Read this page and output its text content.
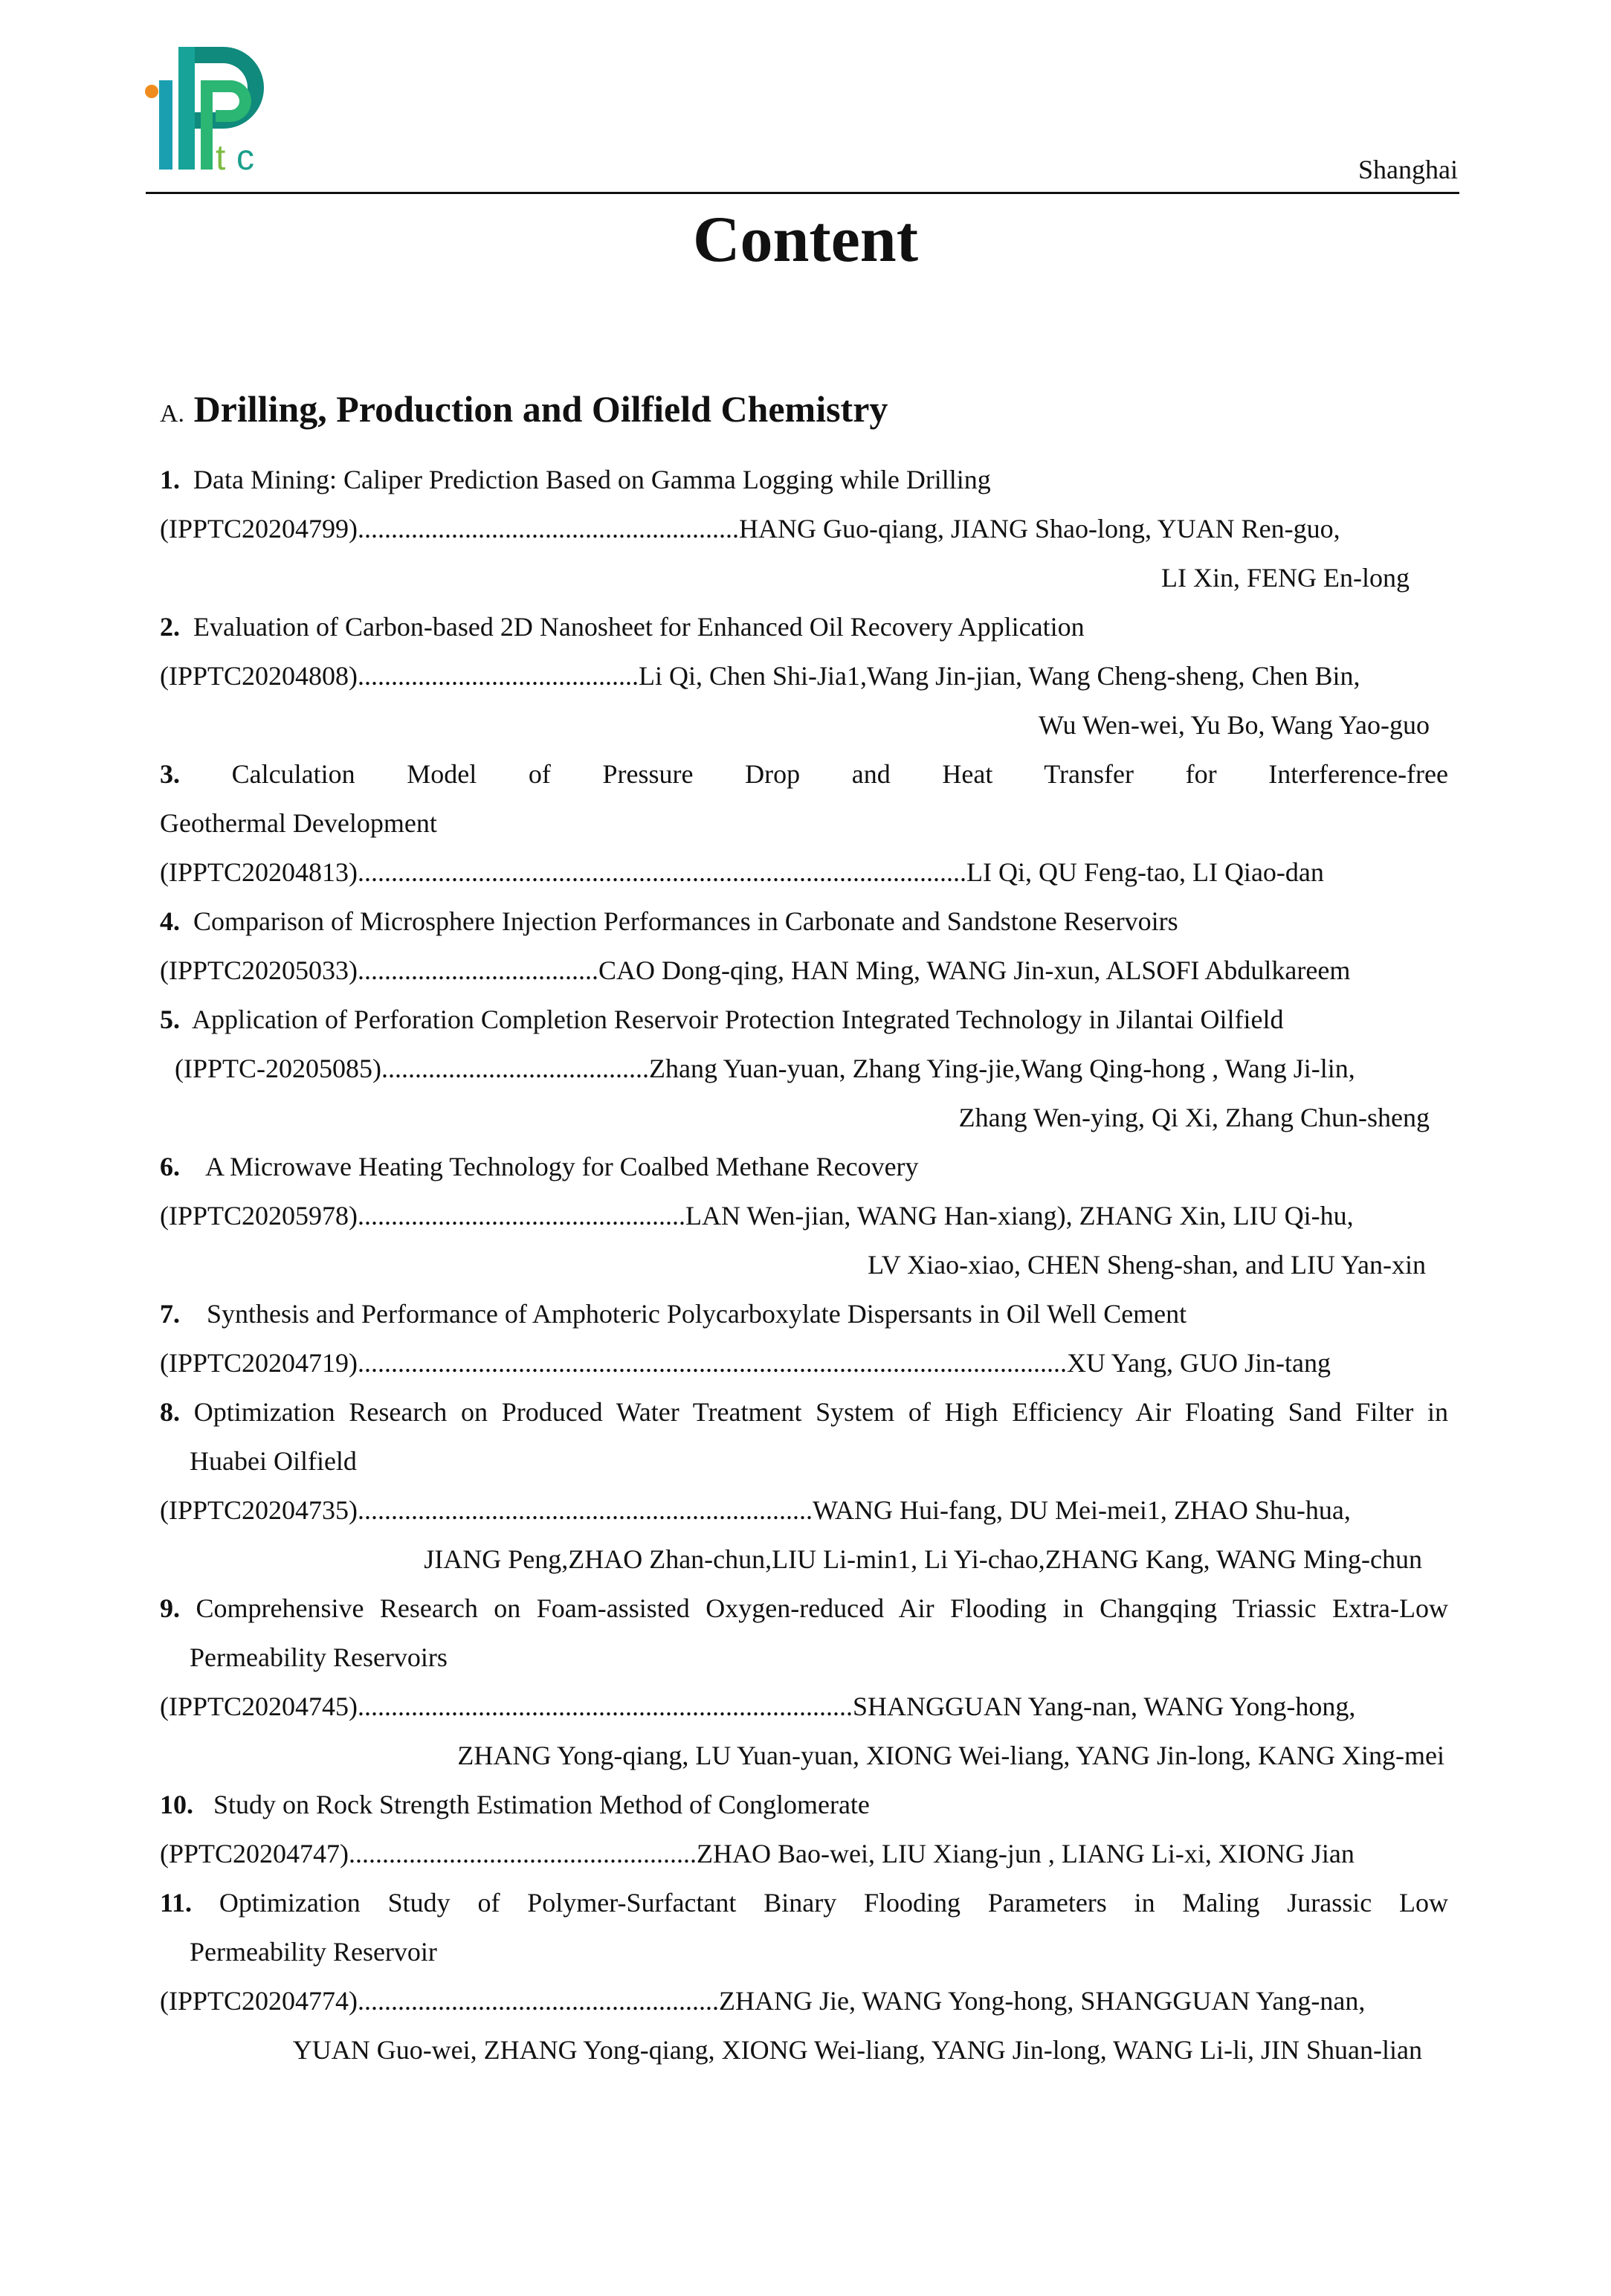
t c	Shanghai
Content
A. Drilling, Production and Oilfield Chemistry
1. Data Mining: Caliper Prediction Based on Gamma Logging while Drilling
(IPPTC20204799).........................................................HANG Guo-qiang, JIANG Shao-long, YUAN Ren-guo,
LI Xin, FENG En-long
2. Evaluation of Carbon-based 2D Nanosheet for Enhanced Oil Recovery Application
(IPPTC20204808)..........................................Li Qi, Chen Shi-Jia1,Wang Jin-jian, Wang Cheng-sheng, Chen Bin,
Wu Wen-wei, Yu Bo, Wang Yao-guo
3. Calculation Model of Pressure Drop and Heat Transfer for Interference-free
Geothermal Development
(IPPTC20204813)...........................................................................................LI Qi, QU Feng-tao, LI Qiao-dan
4. Comparison of Microsphere Injection Performances in Carbonate and Sandstone Reservoirs
(IPPTC20205033)....................................CAO Dong-qing, HAN Ming, WANG Jin-xun, ALSOFI Abdulkareem
5. Application of Perforation Completion Reservoir Protection Integrated Technology in Jilantai Oilfield
(IPPTC-20205085)........................................Zhang Yuan-yuan, Zhang Ying-jie,Wang Qing-hong , Wang Ji-lin,
Zhang Wen-ying, Qi Xi, Zhang Chun-sheng
6. A Microwave Heating Technology for Coalbed Methane Recovery
(IPPTC20205978).................................................LAN Wen-jian, WANG Han-xiang), ZHANG Xin, LIU Qi-hu,
LV Xiao-xiao, CHEN Sheng-shan, and LIU Yan-xin
7. Synthesis and Performance of Amphoteric Polycarboxylate Dispersants in Oil Well Cement
(IPPTC20204719)..........................................................................................................XU Yang, GUO Jin-tang
8. Optimization Research on Produced Water Treatment System of High Efficiency Air Floating Sand Filter in
Huabei Oilfield
(IPPTC20204735)....................................................................WANG Hui-fang, DU Mei-mei1, ZHAO Shu-hua,
JIANG Peng,ZHAO Zhan-chun,LIU Li-min1, Li Yi-chao,ZHANG Kang, WANG Ming-chun
9. Comprehensive Research on Foam-assisted Oxygen-reduced Air Flooding in Changqing Triassic Extra-Low
Permeability Reservoirs
(IPPTC20204745)..........................................................................SHANGGUAN Yang-nan, WANG Yong-hong,
ZHANG Yong-qiang, LU Yuan-yuan, XIONG Wei-liang, YANG Jin-long, KANG Xing-mei
10. Study on Rock Strength Estimation Method of Conglomerate
(PPTC20204747)....................................................ZHAO Bao-wei, LIU Xiang-jun , LIANG Li-xi, XIONG Jian
11. Optimization Study of Polymer-Surfactant Binary Flooding Parameters in Maling Jurassic Low
Permeability Reservoir
(IPPTC20204774)......................................................ZHANG Jie, WANG Yong-hong, SHANGGUAN Yang-nan,
YUAN Guo-wei, ZHANG Yong-qiang, XIONG Wei-liang, YANG Jin-long, WANG Li-li, JIN Shuan-lian
